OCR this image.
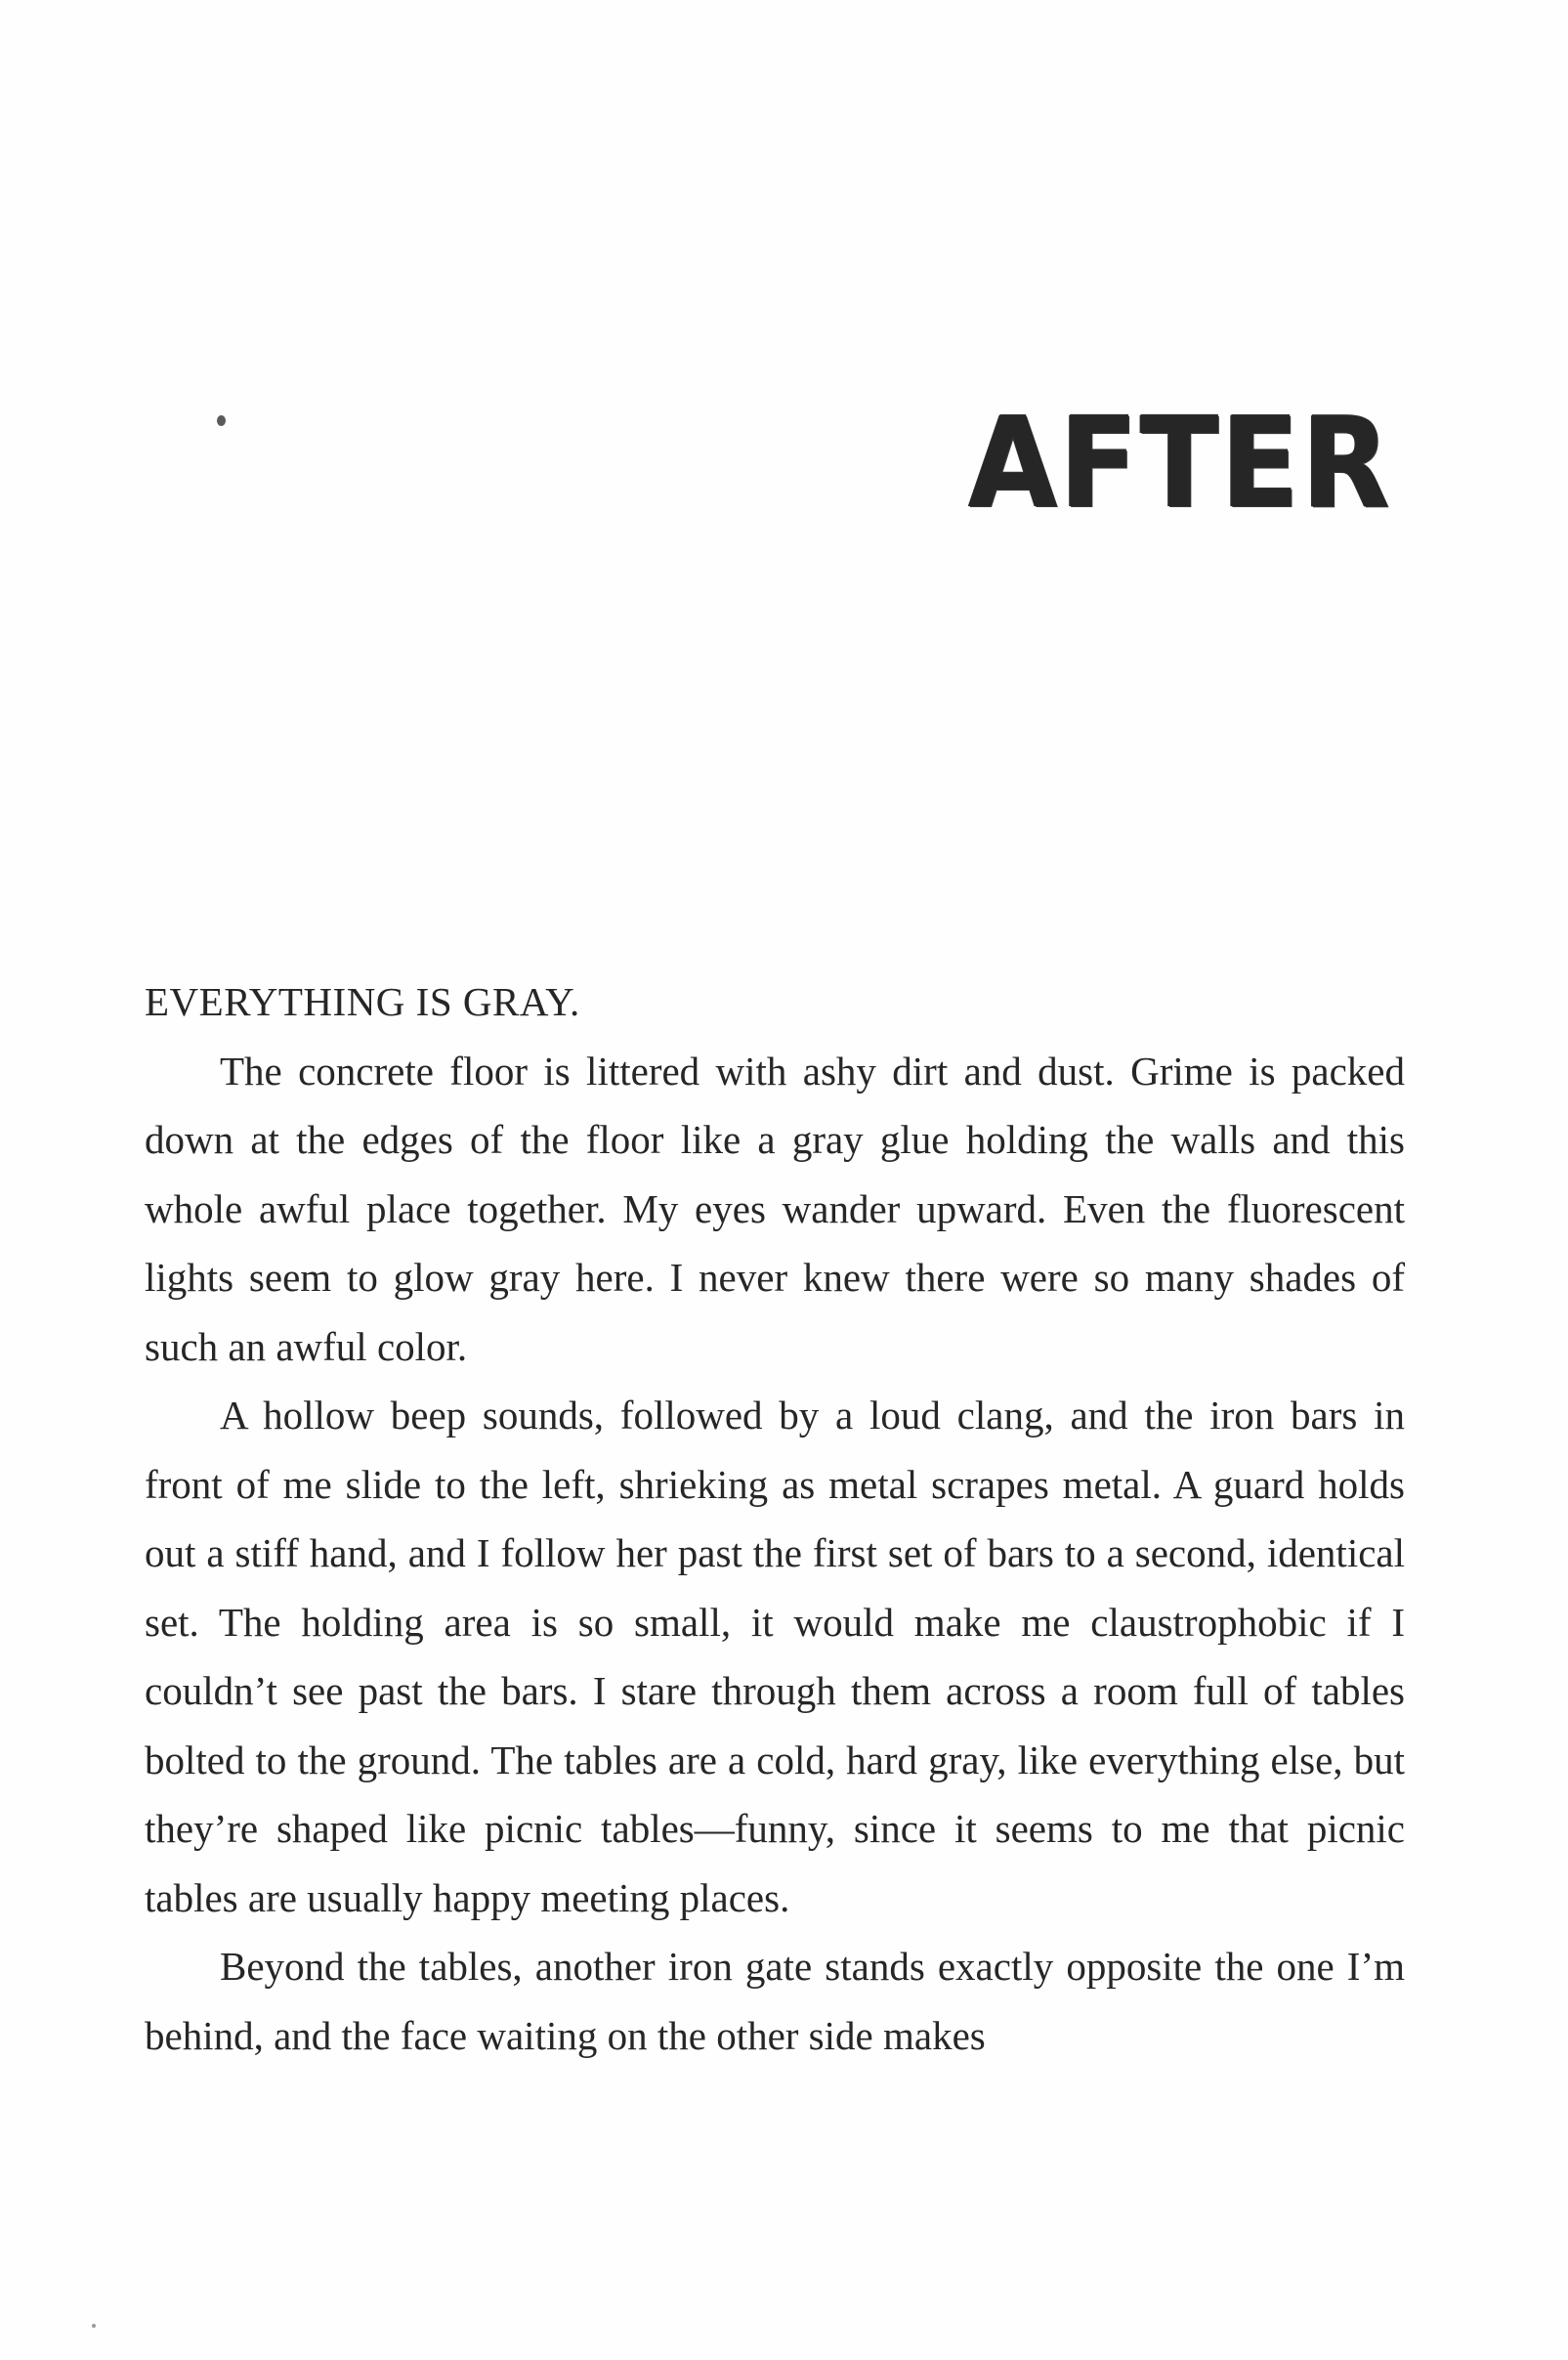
AFTER

EVERYTHING IS GRAY.

The concrete floor is littered with ashy dirt and dust. Grime is packed down at the edges of the floor like a gray glue holding the walls and this whole awful place together. My eyes wander upward. Even the fluorescent lights seem to glow gray here. I never knew there were so many shades of such an awful color.

A hollow beep sounds, followed by a loud clang, and the iron bars in front of me slide to the left, shrieking as metal scrapes metal. A guard holds out a stiff hand, and I follow her past the first set of bars to a second, identical set. The holding area is so small, it would make me claustrophobic if I couldn’t see past the bars. I stare through them across a room full of tables bolted to the ground. The tables are a cold, hard gray, like everything else, but they’re shaped like picnic tables—funny, since it seems to me that picnic tables are usually happy meeting places.

Beyond the tables, another iron gate stands exactly opposite the one I’m behind, and the face waiting on the other side makes
